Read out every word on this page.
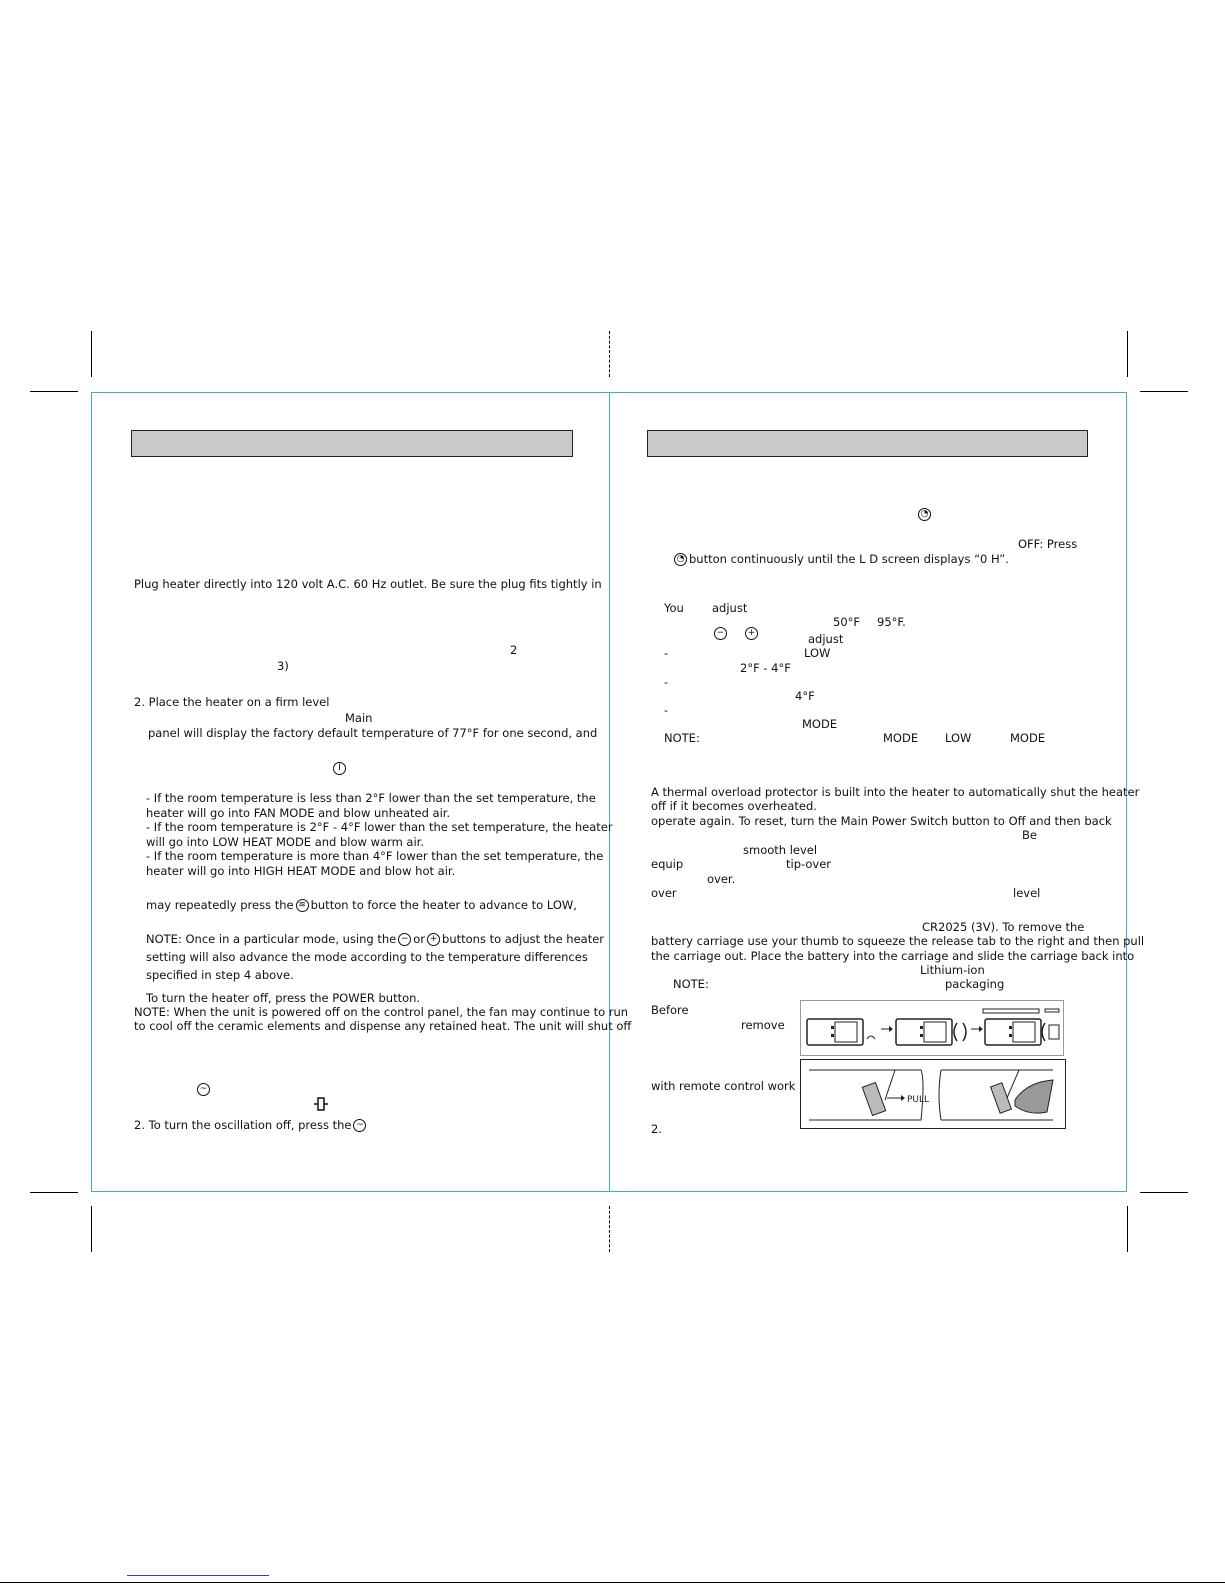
Plug heater directly into 120 volt A.C. 60 Hz outlet. Be sure the plug fits tightly in
2
3)
2. Place the heater on a firm level
Main
panel will display the factory default temperature of 77°F for one second, and
I
- If the room temperature is less than 2°F lower than the set temperature, the
heater will go into FAN MODE and blow unheated air.
- If the room temperature is 2°F - 4°F lower than the set temperature, the heater
will go into LOW HEAT MODE and blow warm air.
- If the room temperature is more than 4°F lower than the set temperature, the
heater will go into HIGH HEAT MODE and blow hot air.
may repeatedly press the ≋ button to force the heater to advance to LOW,
NOTE: Once in a particular mode, using the − or + buttons to adjust the heater
setting will also advance the mode according to the temperature differences
specified in step 4 above.
To turn the heater off, press the POWER button.
NOTE: When the unit is powered off on the control panel, the fan may continue to run
to cool off the ceramic elements and dispense any retained heat. The unit will shut off
~
2. To turn the oscillation off, press the ~
◔
OFF: Press
◔ button continuously until the L D screen displays “0 H”.
−	+
You adjust
50°F 95°F.
adjust
-	LOW
2°F - 4°F
-
4°F
-
MODE
NOTE:	MODE LOW	MODE
A thermal overload protector is built into the heater to automatically shut the heater
off if it becomes overheated.
operate again. To reset, turn the Main Power Switch button to Off and then back
Be
smooth level
equip	tip-over
over.
over	level
CR2025 (3V). To remove the
battery carriage use your thumb to squeeze the release tab to the right and then pull
the carriage out. Place the battery into the carriage and slide the carriage back into
Lithium-ion
NOTE:	packaging
Before
remove
with remote control work
2.
PULL
